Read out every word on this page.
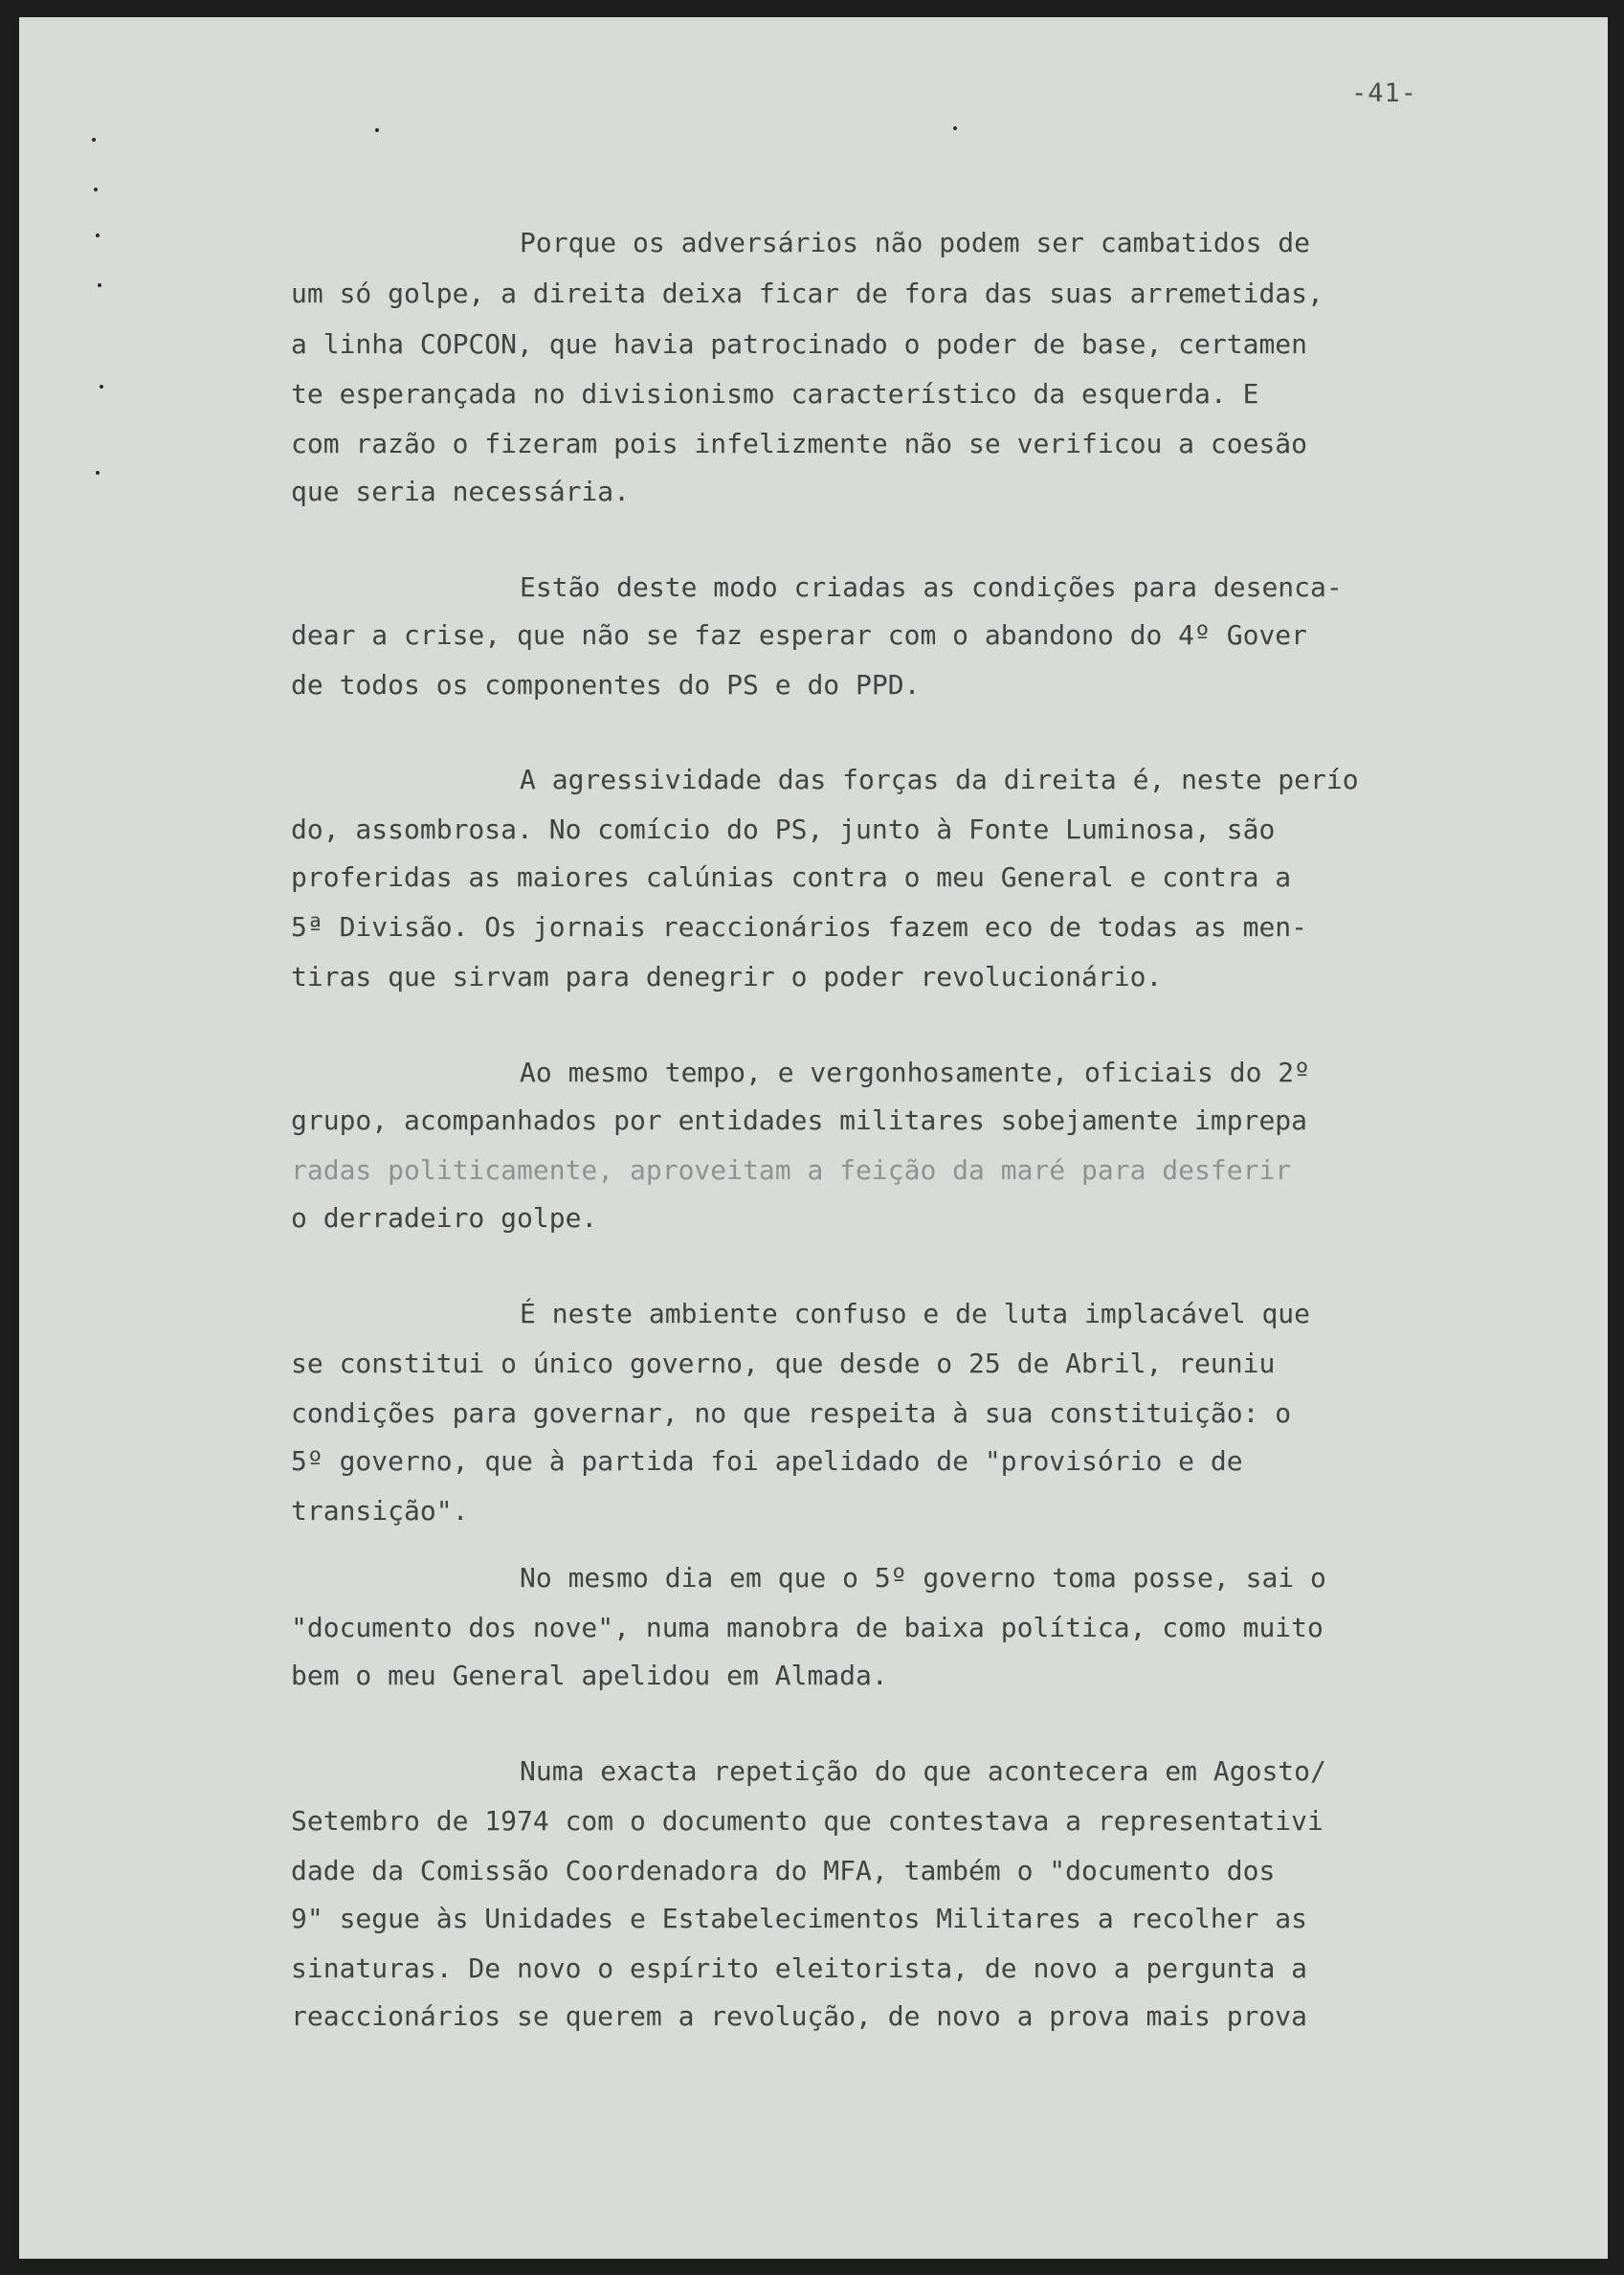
-41-

Porque os adversários não podem ser cambatidos de

um só golpe, a direita deixa ficar de fora das suas arremetidas,

a linha COPCON, que havia patrocinado o poder de base, certamen

te esperançada no divisionismo característico da esquerda. E

com razão o fizeram pois infelizmente não se verificou a coesão

que seria necessária.

Estão deste modo criadas as condições para desenca-

dear a crise, que não se faz esperar com o abandono do 4º Gover

de todos os componentes do PS e do PPD.

A agressividade das forças da direita é, neste perío

do, assombrosa. No comício do PS, junto à Fonte Luminosa, são

proferidas as maiores calúnias contra o meu General e contra a

5ª Divisão. Os jornais reaccionários fazem eco de todas as men-

tiras que sirvam para denegrir o poder revolucionário.

Ao mesmo tempo, e vergonhosamente, oficiais do 2º

grupo, acompanhados por entidades militares sobejamente imprepa

radas politicamente, aproveitam a feição da maré para desferir

o derradeiro golpe.

É neste ambiente confuso e de luta implacável que

se constitui o único governo, que desde o 25 de Abril, reuniu

condições para governar, no que respeita à sua constituição: o

5º governo, que à partida foi apelidado de "provisório e de

transição".

No mesmo dia em que o 5º governo toma posse, sai o

"documento dos nove", numa manobra de baixa política, como muito

bem o meu General apelidou em Almada.

Numa exacta repetição do que acontecera em Agosto/

Setembro de 1974 com o documento que contestava a representativi

dade da Comissão Coordenadora do MFA, também o "documento dos

9" segue às Unidades e Estabelecimentos Militares a recolher as

sinaturas. De novo o espírito eleitorista, de novo a pergunta a

reaccionários se querem a revolução, de novo a prova mais prova
